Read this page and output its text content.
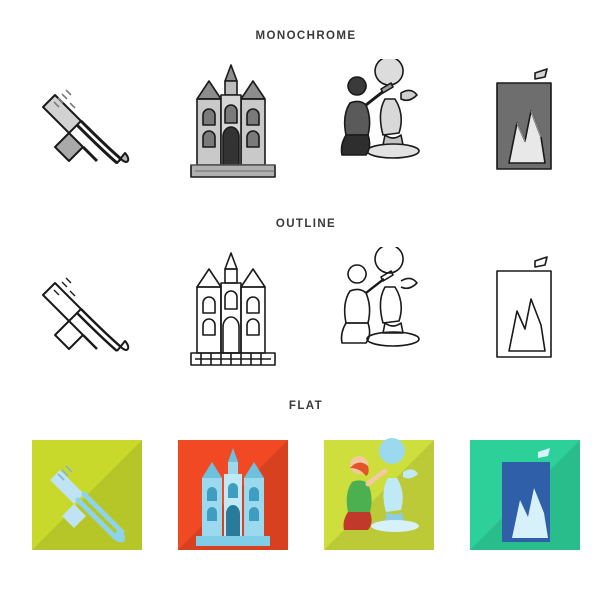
MONOCHROME
OUTLINE
FLAT
